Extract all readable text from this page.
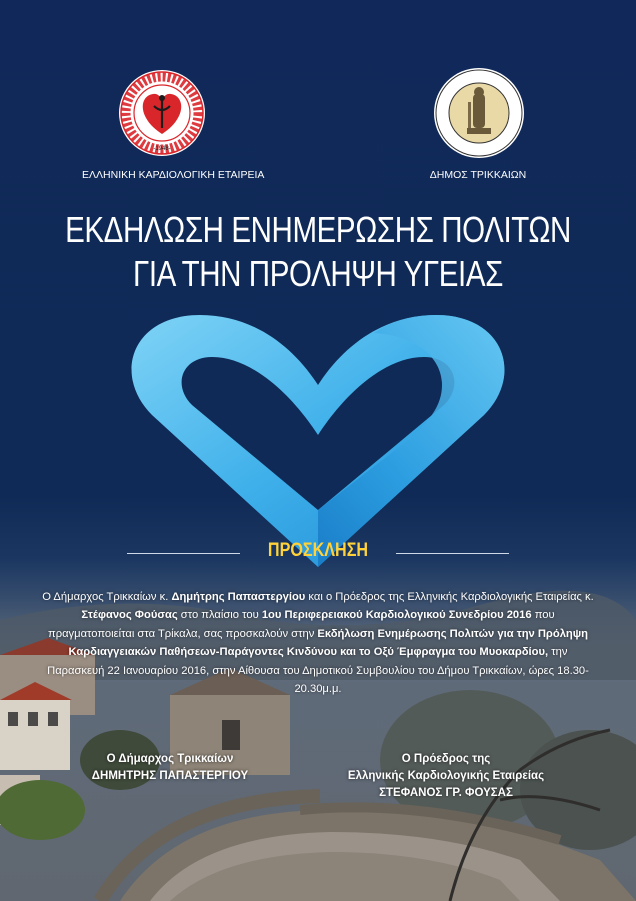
-1948-
ΕΛΛΗΝΙΚΗ ΚΑΡΔΙΟΛΟΓΙΚΗ ΕΤΑΙΡΕΙΑ	ΔΗΜΟΣ ΤΡΙΚΚΑΙΩΝ
ΕΚΔΗΛΩΣΗ ΕΝΗΜΕΡΩΣΗΣ ΠΟΛΙΤΩΝ
ΓΙΑ ΤΗΝ ΠΡΟΛΗΨΗ ΥΓΕΙΑΣ
ΠΡΟΣΚΛΗΣΗ
Ο Δήμαρχος Τρικκαίων κ. Δημήτρης Παπαστεργίου και ο Πρόεδρος της Ελληνικής Καρδιολογικής Εταιρείας κ. Στέφανος Φούσας στο πλαίσιο του 1ου Περιφερειακού Καρδιολογικού Συνεδρίου 2016 που πραγματοποιείται στα Τρίκαλα, σας προσκαλούν στην Εκδήλωση Ενημέρωσης Πολιτών για την Πρόληψη Καρδιαγγειακών Παθήσεων-Παράγοντες Κινδύνου και το Οξύ Έμφραγμα του Μυοκαρδίου, την Παρασκευή 22 Ιανουαρίου 2016, στην Αίθουσα του Δημοτικού Συμβουλίου του Δήμου Τρικκαίων, ώρες 18.30-20.30μ.μ.
Ο Δήμαρχος Τρικκαίων
ΔΗΜΗΤΡΗΣ ΠΑΠΑΣΤΕΡΓΙΟΥ
Ο Πρόεδρος της
Ελληνικής Καρδιολογικής Εταιρείας
ΣΤΕΦΑΝΟΣ ΓΡ. ΦΟΥΣΑΣ
